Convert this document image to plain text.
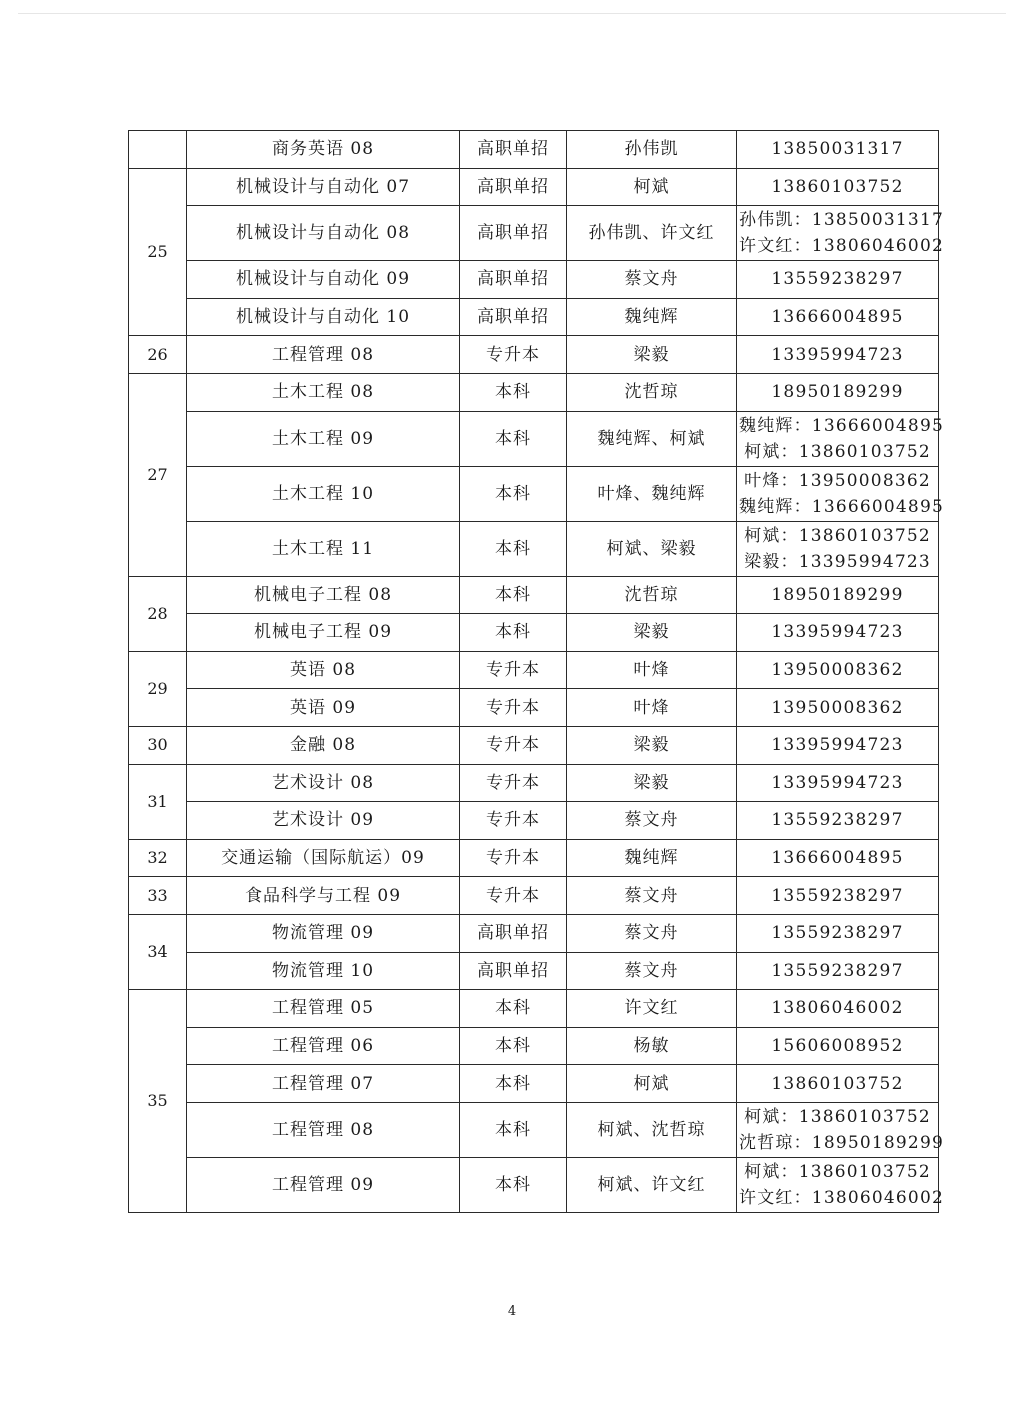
	商务英语 08	高职单招	孙伟凯	13850031317

25	机械设计与自动化 07	高职单招	柯斌	13860103752

	机械设计与自动化 08	高职单招	孙伟凯、许文红	孙伟凯：13850031317
许文红：13806046002

	机械设计与自动化 09	高职单招	蔡文舟	13559238297

	机械设计与自动化 10	高职单招	魏纯辉	13666004895

26	工程管理 08	专升本	梁毅	13395994723

27	土木工程 08	本科	沈哲琼	18950189299

	土木工程 09	本科	魏纯辉、柯斌	魏纯辉：13666004895
柯斌：13860103752

	土木工程 10	本科	叶烽、魏纯辉	叶烽：13950008362
魏纯辉：13666004895

	土木工程 11	本科	柯斌、梁毅	柯斌：13860103752
梁毅：13395994723

28	机械电子工程 08	本科	沈哲琼	18950189299

	机械电子工程 09	本科	梁毅	13395994723

29	英语 08	专升本	叶烽	13950008362

	英语 09	专升本	叶烽	13950008362

30	金融 08	专升本	梁毅	13395994723

31	艺术设计 08	专升本	梁毅	13395994723

	艺术设计 09	专升本	蔡文舟	13559238297

32	交通运输（国际航运）09	专升本	魏纯辉	13666004895

33	食品科学与工程 09	专升本	蔡文舟	13559238297

34	物流管理 09	高职单招	蔡文舟	13559238297

	物流管理 10	高职单招	蔡文舟	13559238297

35	工程管理 05	本科	许文红	13806046002

	工程管理 06	本科	杨敏	15606008952

	工程管理 07	本科	柯斌	13860103752

	工程管理 08	本科	柯斌、沈哲琼	柯斌：13860103752
沈哲琼：18950189299

	工程管理 09	本科	柯斌、许文红	柯斌：13860103752
许文红：13806046002
4
